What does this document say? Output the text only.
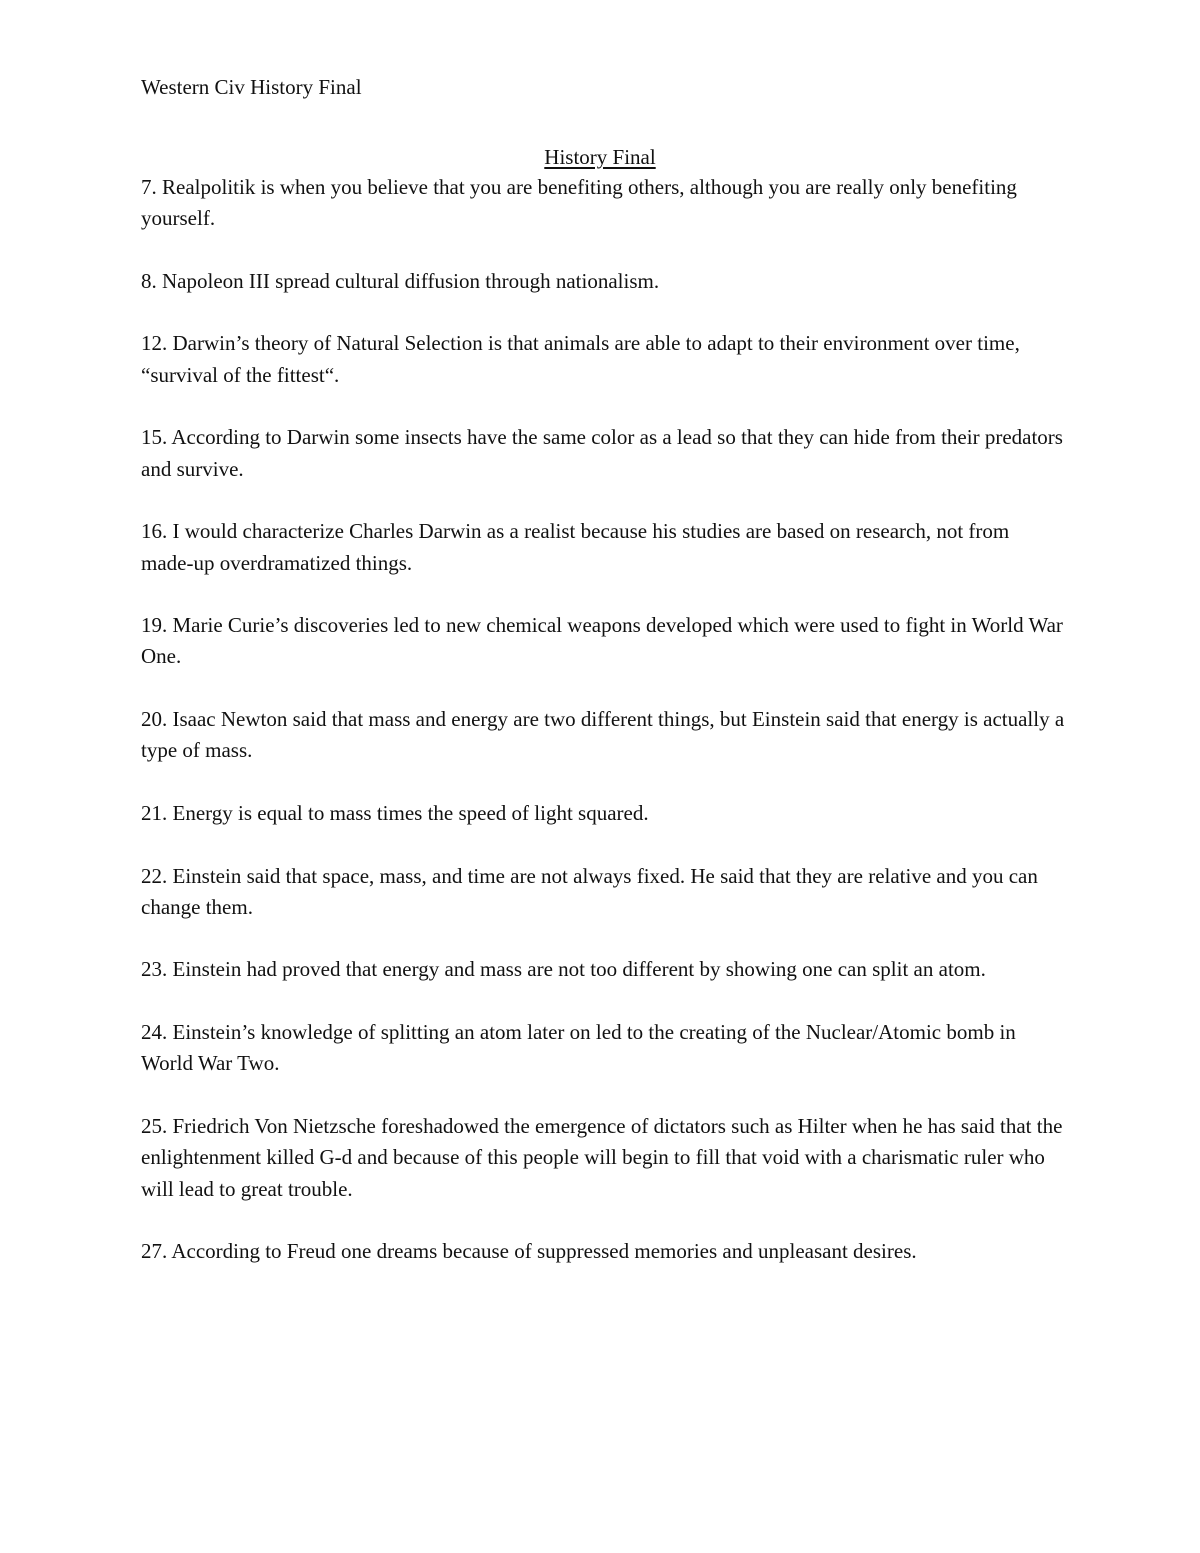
Western Civ History Final
History Final

7. Realpolitik is when you believe that you are benefiting others, although you are really only benefiting yourself.

8. Napoleon III spread cultural diffusion through nationalism.

12. Darwin’s theory of Natural Selection is that animals are able to adapt to their environment over time, “survival of the fittest“.

15. According to Darwin some insects have the same color as a lead so that they can hide from their predators and survive.

16. I would characterize Charles Darwin as a realist because his studies are based on research, not from made-up overdramatized things.

19. Marie Curie’s discoveries led to new chemical weapons developed which were used to fight in World War One.

20. Isaac Newton said that mass and energy are two different things, but Einstein said that energy is actually a type of mass.

21. Energy is equal to mass times the speed of light squared.

22. Einstein said that space, mass, and time are not always fixed. He said that they are relative and you can change them.

23. Einstein had proved that energy and mass are not too different by showing one can split an atom.

24. Einstein’s knowledge of splitting an atom later on led to the creating of the Nuclear/Atomic bomb in World War Two.

25. Friedrich Von Nietzsche foreshadowed the emergence of dictators such as Hilter when he has said that the enlightenment killed G-d and because of this people will begin to fill that void with a charismatic ruler who will lead to great trouble.

27. According to Freud one dreams because of suppressed memories and unpleasant desires.
